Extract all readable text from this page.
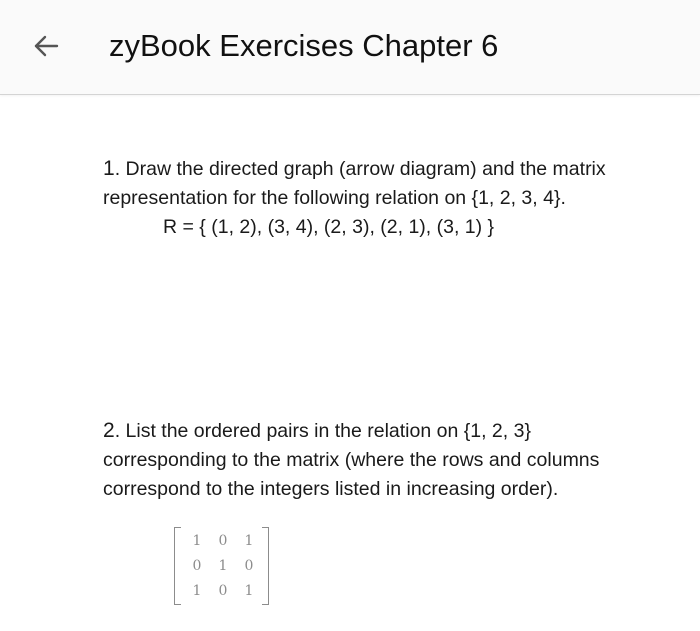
zyBook Exercises Chapter 6
1. Draw the directed graph (arrow diagram) and the matrix
representation for the following relation on {1, 2, 3, 4}.
R = { (1, 2), (3, 4), (2, 3), (2, 1), (3, 1) }
2. List the ordered pairs in the relation on {1, 2, 3}
corresponding to the matrix (where the rows and columns
correspond to the integers listed in increasing order).
1	0	1
0	1	0
1	0	1
